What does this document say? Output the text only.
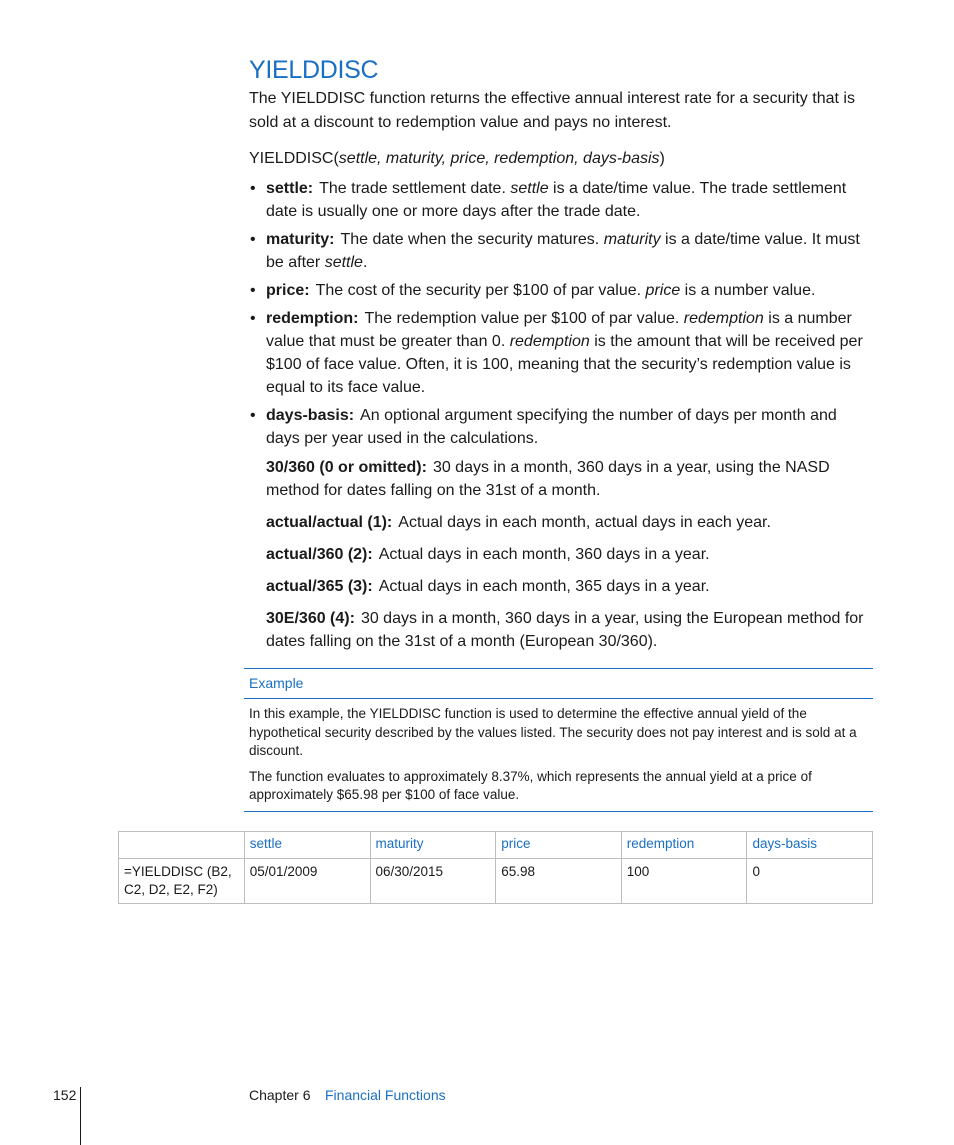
YIELDDISC

The YIELDDISC function returns the effective annual interest rate for a security that is sold at a discount to redemption value and pays no interest.

YIELDDISC(settle, maturity, price, redemption, days-basis)

• settle: The trade settlement date. settle is a date/time value. The trade settlement date is usually one or more days after the trade date.
• maturity: The date when the security matures. maturity is a date/time value. It must be after settle.
• price: The cost of the security per $100 of par value. price is a number value.
• redemption: The redemption value per $100 of par value. redemption is a number value that must be greater than 0. redemption is the amount that will be received per $100 of face value. Often, it is 100, meaning that the security’s redemption value is equal to its face value.
• days-basis: An optional argument specifying the number of days per month and days per year used in the calculations.

30/360 (0 or omitted): 30 days in a month, 360 days in a year, using the NASD method for dates falling on the 31st of a month.

actual/actual (1): Actual days in each month, actual days in each year.

actual/360 (2): Actual days in each month, 360 days in a year.

actual/365 (3): Actual days in each month, 365 days in a year.

30E/360 (4): 30 days in a month, 360 days in a year, using the European method for dates falling on the 31st of a month (European 30/360).

Example

In this example, the YIELDDISC function is used to determine the effective annual yield of the hypothetical security described by the values listed. The security does not pay interest and is sold at a discount.

The function evaluates to approximately 8.37%, which represents the annual yield at a price of approximately $65.98 per $100 of face value.

	settle	maturity	price	redemption	days-basis
=YIELDDISC (B2, C2, D2, E2, F2)	05/01/2009	06/30/2015	65.98	100	0
152	Chapter 6 Financial Functions
